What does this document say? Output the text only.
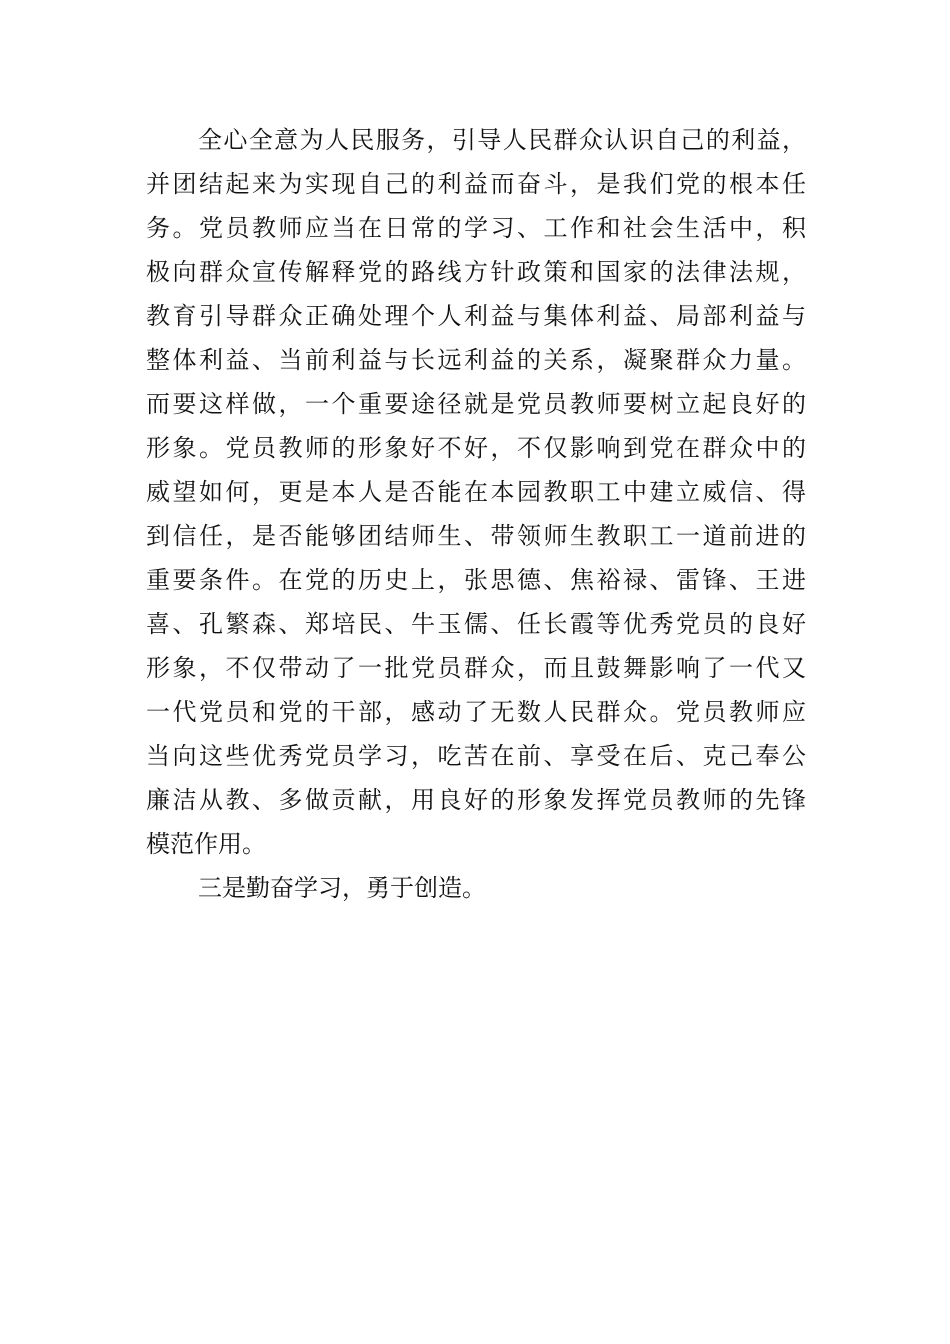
全心全意为人民服务，引导人民群众认识自己的利益，
并团结起来为实现自己的利益而奋斗，是我们党的根本任
务。党员教师应当在日常的学习、工作和社会生活中，积
极向群众宣传解释党的路线方针政策和国家的法律法规，
教育引导群众正确处理个人利益与集体利益、局部利益与
整体利益、当前利益与长远利益的关系，凝聚群众力量。
而要这样做，一个重要途径就是党员教师要树立起良好的
形象。党员教师的形象好不好，不仅影响到党在群众中的
威望如何，更是本人是否能在本园教职工中建立威信、得
到信任，是否能够团结师生、带领师生教职工一道前进的
重要条件。在党的历史上，张思德、焦裕禄、雷锋、王进
喜、孔繁森、郑培民、牛玉儒、任长霞等优秀党员的良好
形象，不仅带动了一批党员群众，而且鼓舞影响了一代又
一代党员和党的干部，感动了无数人民群众。党员教师应
当向这些优秀党员学习，吃苦在前、享受在后、克己奉公
廉洁从教、多做贡献，用良好的形象发挥党员教师的先锋
模范作用。
三是勤奋学习，勇于创造。
